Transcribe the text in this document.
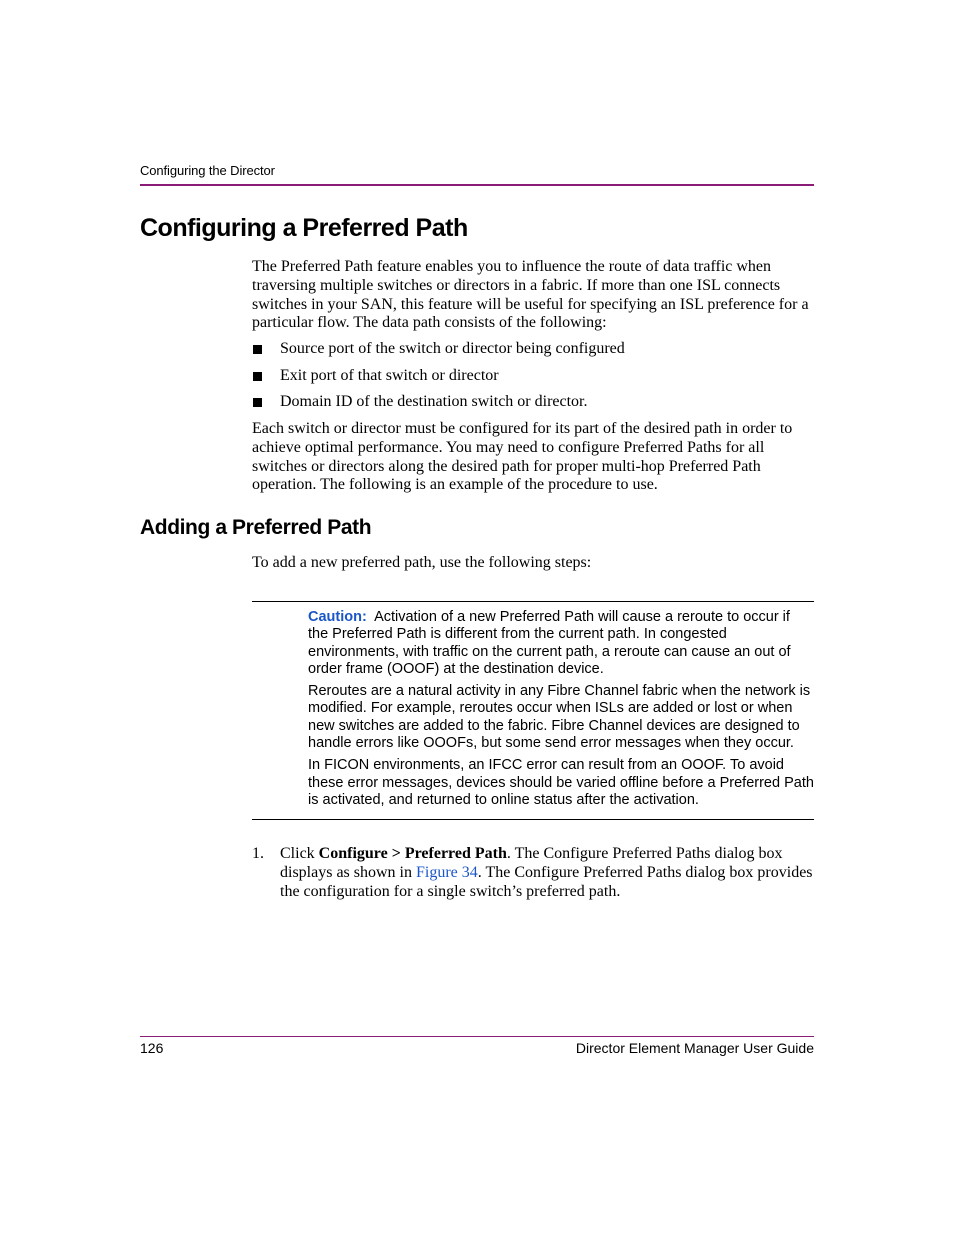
Configuring the Director
Configuring a Preferred Path
The Preferred Path feature enables you to influence the route of data traffic when traversing multiple switches or directors in a fabric. If more than one ISL connects switches in your SAN, this feature will be useful for specifying an ISL preference for a particular flow. The data path consists of the following:
Source port of the switch or director being configured
Exit port of that switch or director
Domain ID of the destination switch or director.
Each switch or director must be configured for its part of the desired path in order to achieve optimal performance. You may need to configure Preferred Paths for all switches or directors along the desired path for proper multi-hop Preferred Path operation. The following is an example of the procedure to use.
Adding a Preferred Path
To add a new preferred path, use the following steps:

Caution: Activation of a new Preferred Path will cause a reroute to occur if the Preferred Path is different from the current path. In congested environments, with traffic on the current path, a reroute can cause an out of order frame (OOOF) at the destination device.

Reroutes are a natural activity in any Fibre Channel fabric when the network is modified. For example, reroutes occur when ISLs are added or lost or when new switches are added to the fabric. Fibre Channel devices are designed to handle errors like OOOFs, but some send error messages when they occur.

In FICON environments, an IFCC error can result from an OOOF. To avoid these error messages, devices should be varied offline before a Preferred Path is activated, and returned to online status after the activation.

1. Click Configure > Preferred Path. The Configure Preferred Paths dialog box displays as shown in Figure 34. The Configure Preferred Paths dialog box provides the configuration for a single switch’s preferred path.
126	Director Element Manager User Guide
